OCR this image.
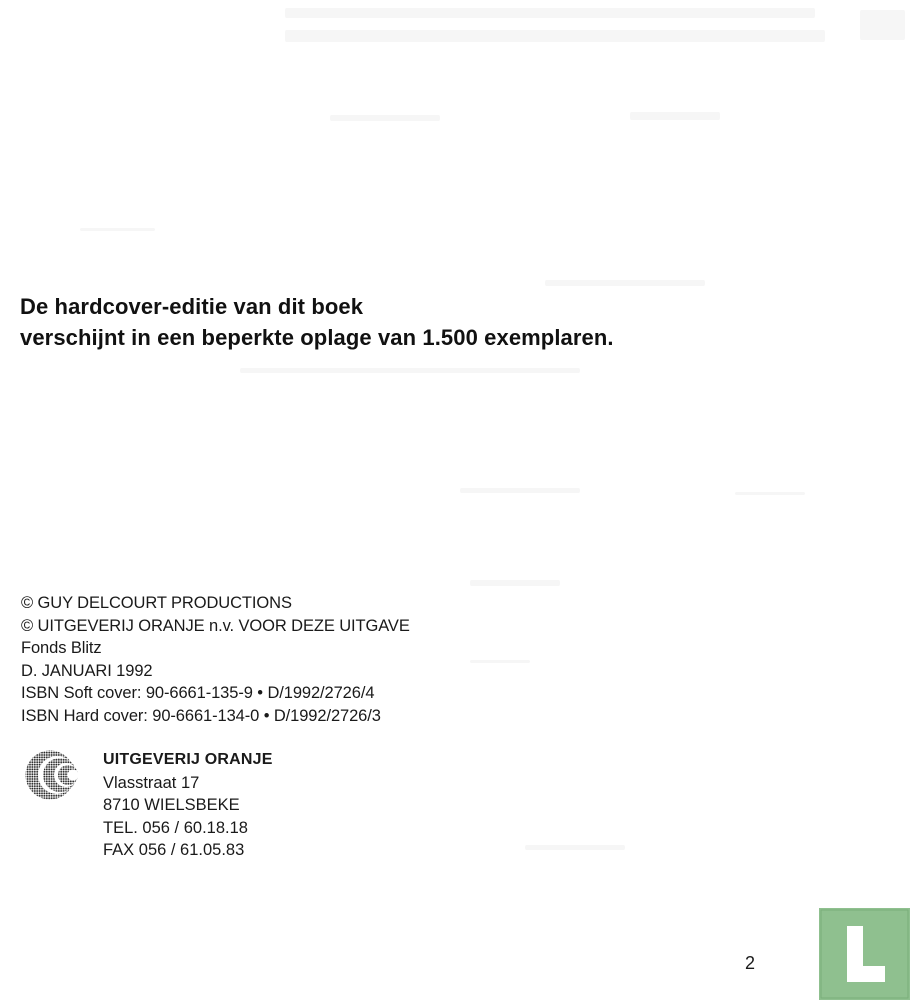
De hardcover-editie van dit boek
verschijnt in een beperkte oplage van 1.500 exemplaren.

© GUY DELCOURT PRODUCTIONS
© UITGEVERIJ ORANJE n.v. VOOR DEZE UITGAVE
Fonds Blitz
D. JANUARI 1992
ISBN Soft cover: 90-6661-135-9 • D/1992/2726/4
ISBN Hard cover: 90-6661-134-0 • D/1992/2726/3
UITGEVERIJ ORANJE
Vlasstraat 17
8710 WIELSBEKE
TEL. 056 / 60.18.18
FAX 056 / 61.05.83
2
